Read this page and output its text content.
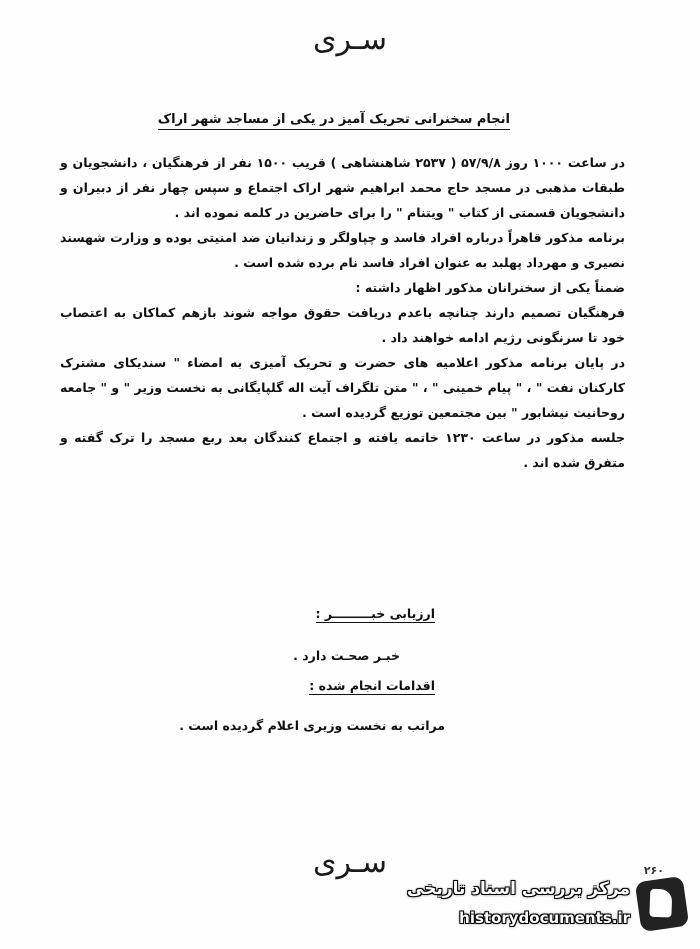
سـرى
انجام سخنرانی تحریک آمیز در یکی از مساجد شهر اراک

در ساعت ۱۰۰۰ روز ۵۷/۹/۸ ( ۲۵۳۷ شاهنشاهی ) قریب ۱۵۰۰ نفر از فرهنگیان ، دانشجویان و طبقات مذهبی در مسجد حاج محمد ابراهیم شهر اراک اجتماع و سپس چهار نفر از دبیران و دانشجویان قسمتی از کتاب " ویتنام " را برای حاضرین در کلمه نموده اند .

برنامه مذکور قاهراً درباره افراد فاسد و چپاولگر و زندانیان ضد امنیتی بوده و وزارت شهسند نصیری و مهرداد پهلبد به عنوان افراد فاسد نام برده شده است .

ضمناً یکی از سخنرانان مذکور اظهار داشته :

فرهنگیان تصمیم دارند چنانچه باعدم دریافت حقوق مواجه شوند بازهم کماکان به اعتصاب خود تا سرنگونی رژیم ادامه خواهند داد .

در پایان برنامه مذکور اعلامیه های حضرت و تحریک آمیزی به امضاء " سندیکای مشترک کارکنان نفت " ، " پیام خمینی " ، " متن تلگراف آیت اله گلپایگانی به نخست وزیر " و " جامعه روحانیت نیشابور " بین مجتمعین توزیع گردیده است .

جلسه مذکور در ساعت ۱۲۳۰ خاتمه یافته و اجتماع کنندگان بعد ربع مسجد را ترک گفته و متفرق شده اند .

ارزیابی خبـــــــــر :
خبـر صحـت دارد .
اقدامات انجام شده :
مراتب به نخست وزیری اعلام گردیده است .
سـرى	۲۶۰
مرکز بررسی اسناد تاریخی
historydocuments.ir
